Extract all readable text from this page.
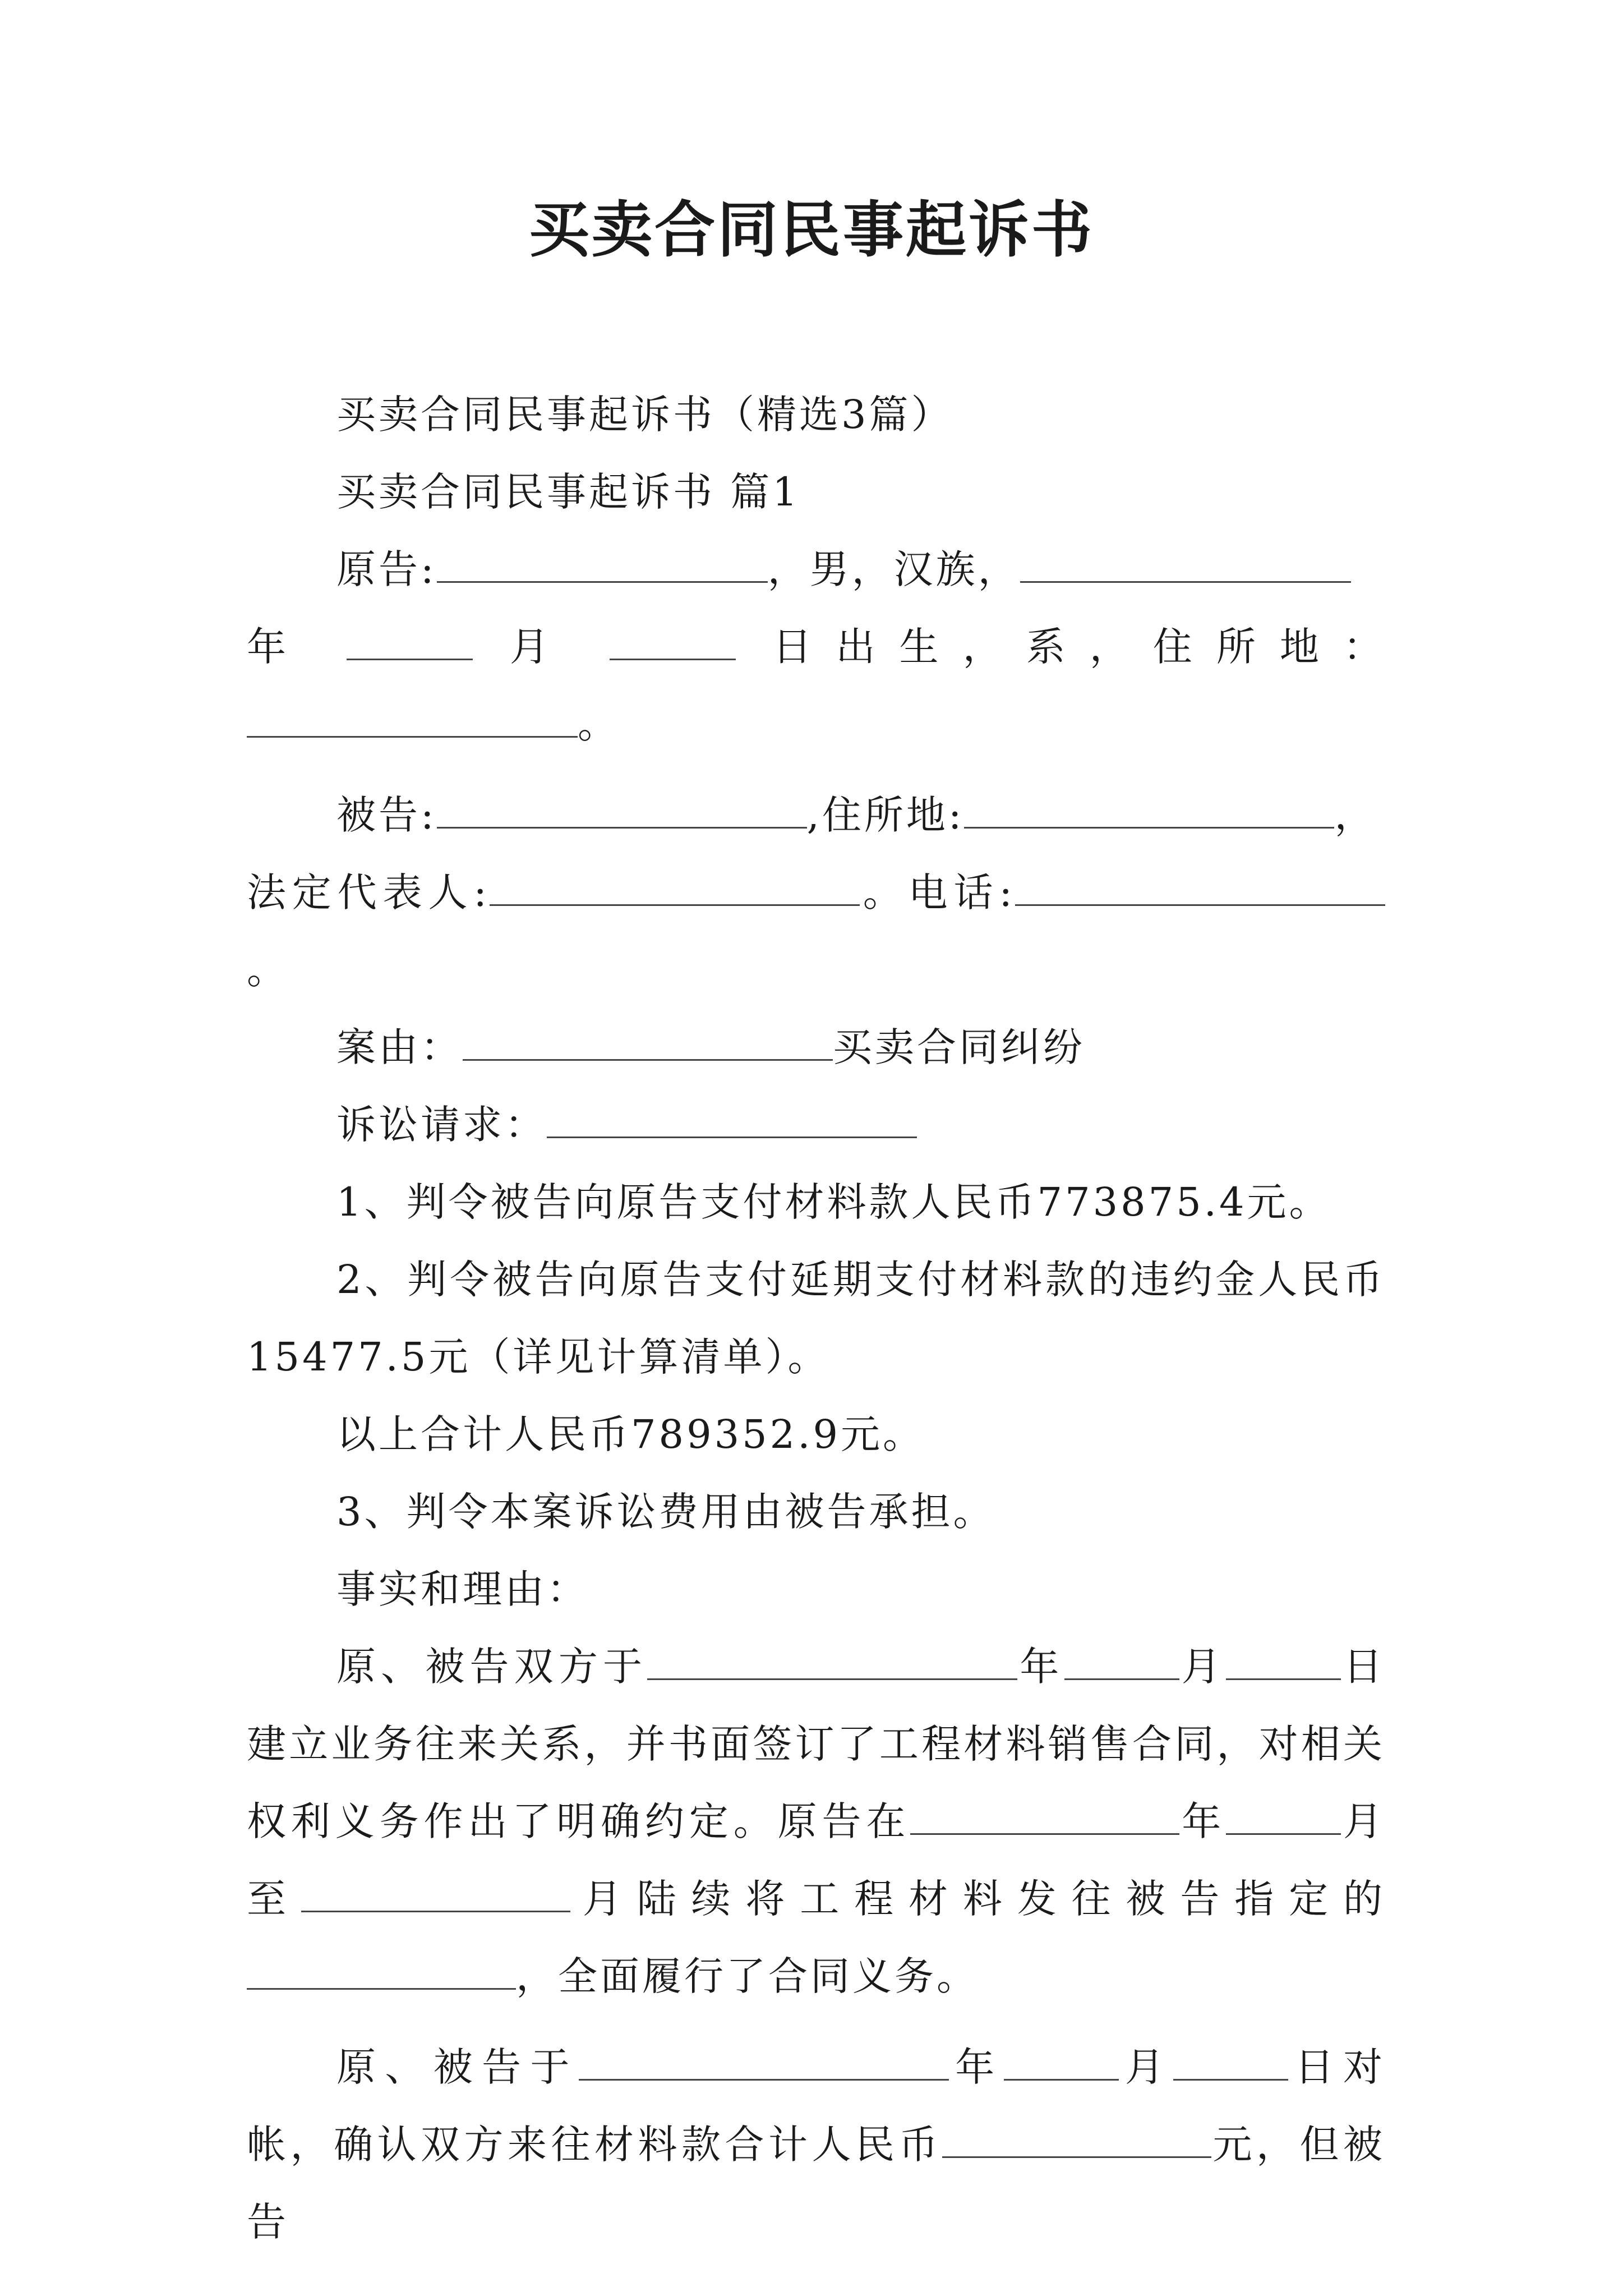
买卖合同民事起诉书

买卖合同民事起诉书（精选3篇）

买卖合同民事起诉书 篇1

原告:	，男，汉族，

年	月	日出生，系，住所地：

。

被告:	,住所地:	，

法定代表人:	。电话:。

案由：	买卖合同纠纷

诉讼请求：

1、判令被告向原告支付材料款人民币773875.4元。

2、判令被告向原告支付延期支付材料款的违约金人民币15477.5元（详见计算清单）。

以上合计人民币789352.9元。

3、判令本案诉讼费用由被告承担。

事实和理由：

原、被告双方于	年	月	日建立业务往来关系，并书面签订了工程材料销售合同，对相关权利义务作出了明确约定。原告在	年	月至	月陆续将工程材料发往被告指定的，全面履行了合同义务。

原、被告于	年	月	日对帐，确认双方来往材料款合计人民币	元，但被告
